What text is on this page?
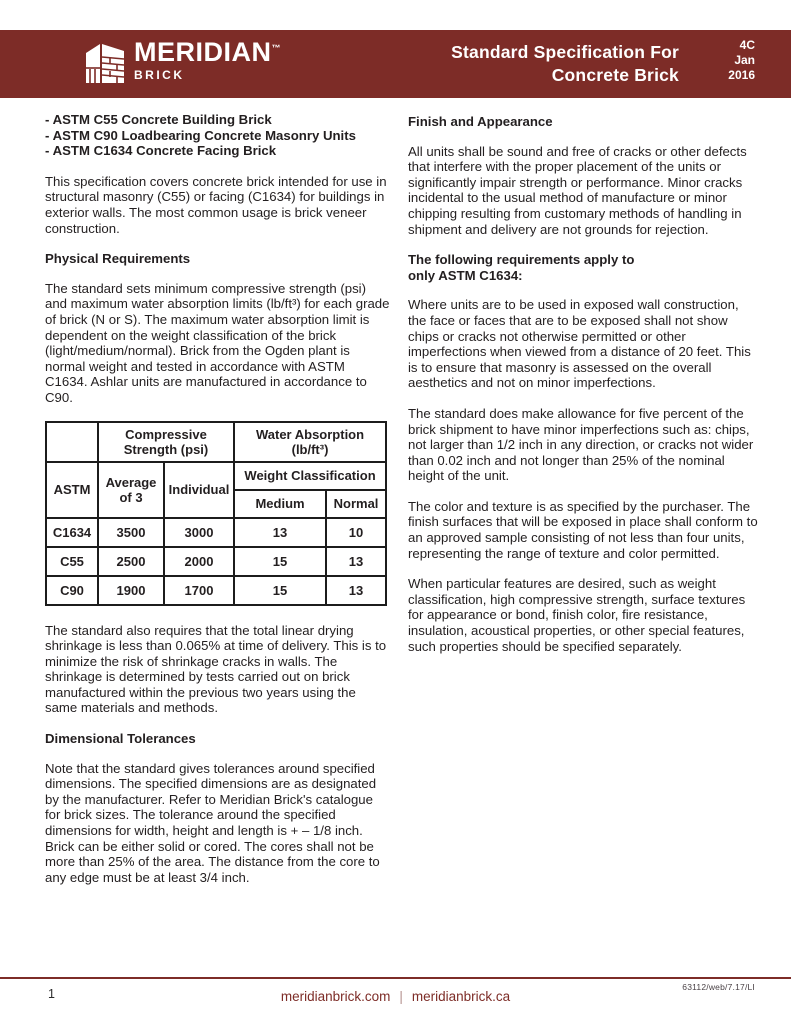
MERIDIAN™
BRICK
Standard Specification For
Concrete Brick
4C
Jan
2016
- ASTM C55 Concrete Building Brick
- ASTM C90 Loadbearing Concrete Masonry Units
- ASTM C1634 Concrete Facing Brick

This specification covers concrete brick intended for use in structural masonry (C55) or facing (C1634) for buildings in exterior walls. The most common usage is brick veneer construction.

Physical Requirements

The standard sets minimum compressive strength (psi) and maximum water absorption limits (lb/ft³) for each grade of brick (N or S). The maximum water absorption limit is dependent on the weight classification of the brick (light/medium/normal). Brick from the Ogden plant is normal weight and tested in accordance with ASTM C1634. Ashlar units are manufactured in accordance to C90.

	Compressive Strength (psi)		Water Absorption (lb/ft³)	
ASTM	Average of 3	Individual	Weight Classification	
			Medium	Normal
C1634	3500	3000	13	10
C55	2500	2000	15	13
C90	1900	1700	15	13

The standard also requires that the total linear drying shrinkage is less than 0.065% at time of delivery. This is to minimize the risk of shrinkage cracks in walls. The shrinkage is determined by tests carried out on brick manufactured within the previous two years using the same materials and methods.

Dimensional Tolerances

Note that the standard gives tolerances around specified dimensions. The specified dimensions are as designated by the manufacturer. Refer to Meridian Brick's catalogue for brick sizes. The tolerance around the specified dimensions for width, height and length is + – 1/8 inch. Brick can be either solid or cored. The cores shall not be more than 25% of the area. The distance from the core to any edge must be at least 3/4 inch.

Finish and Appearance

All units shall be sound and free of cracks or other defects that interfere with the proper placement of the units or significantly impair strength or performance. Minor cracks incidental to the usual method of manufacture or minor chipping resulting from customary methods of handling in shipment and delivery are not grounds for rejection.

The following requirements apply to
only ASTM C1634:

Where units are to be used in exposed wall construction, the face or faces that are to be exposed shall not show chips or cracks not otherwise permitted or other imperfections when viewed from a distance of 20 feet. This is to ensure that masonry is assessed on the overall aesthetics and not on minor imperfections.

The standard does make allowance for five percent of the brick shipment to have minor imperfections such as: chips, not larger than 1/2 inch in any direction, or cracks not wider than 0.02 inch and not longer than 25% of the nominal height of the unit.

The color and texture is as specified by the purchaser. The finish surfaces that will be exposed in place shall conform to an approved sample consisting of not less than four units, representing the range of texture and color permitted.

When particular features are desired, such as weight classification, high compressive strength, surface textures for appearance or bond, finish color, fire resistance, insulation, acoustical properties, or other special features, such properties should be specified separately.

63112/web/7.17/LI
1	meridianbrick.com | meridianbrick.ca
